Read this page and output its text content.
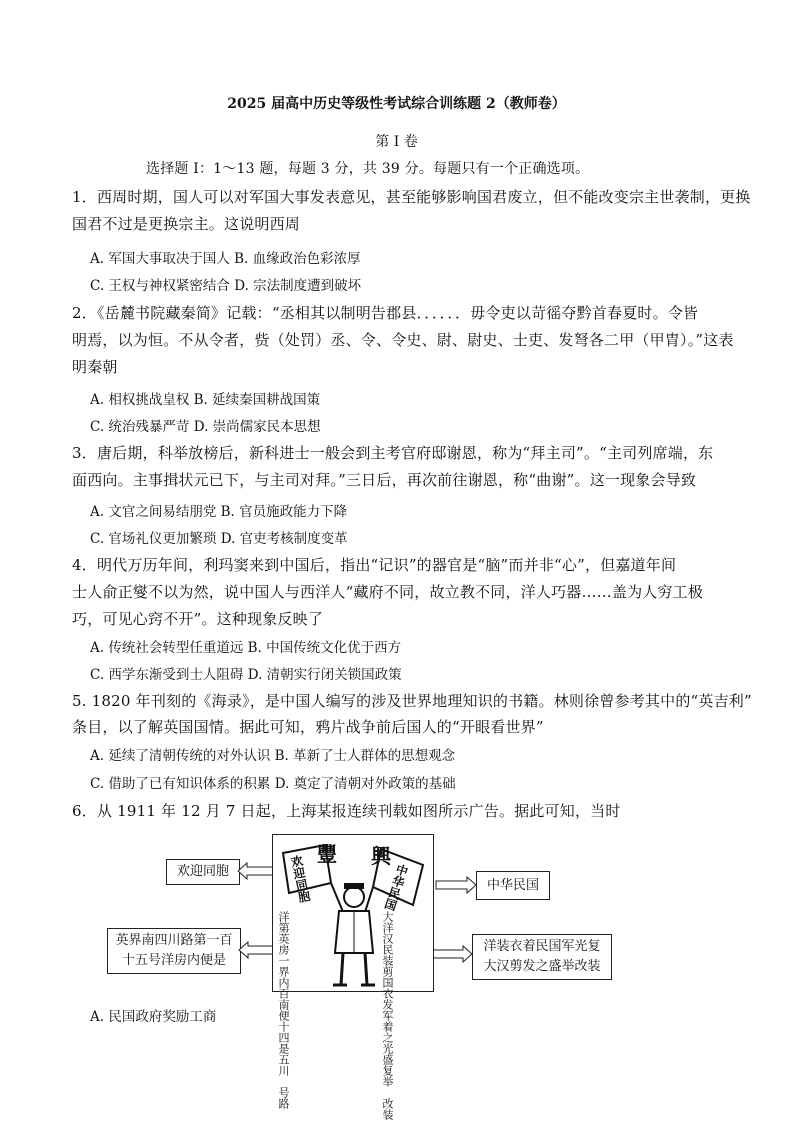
2025 届高中历史等级性考试综合训练题 2（教师卷）
第 I 卷
选择题 I：1～13 题，每题 3 分，共 39 分。每题只有一个正确选项。
1．西周时期，国人可以对军国大事发表意见，甚至能够影响国君废立，但不能改变宗主世袭制，更换
国君不过是更换宗主。这说明西周
A. 军国大事取决于国人 B. 血缘政治色彩浓厚
C. 王权与神权紧密结合 D. 宗法制度遭到破坏
2．《岳麓书院藏秦简》记载：“丞相其以制明告郡县．．．．．．毋令吏以苛徭夺黔首春夏时。令皆
明焉，以为恒。不从令者，赀（处罚）丞、令、令史、尉、尉史、士吏、发弩各二甲（甲胄）。”这表
明秦朝
A. 相权挑战皇权 B. 延续秦国耕战国策
C. 统治残暴严苛 D. 崇尚儒家民本思想
3．唐后期，科举放榜后，新科进士一般会到主考官府邸谢恩，称为“拜主司”。“主司列席端，东
面西向。主事揖状元已下，与主司对拜。”三日后，再次前往谢恩，称“曲谢”。这一现象会导致
A. 文官之间易结朋党 B. 官员施政能力下降
C. 官场礼仪更加繁琐 D. 官吏考核制度变革
4．明代万历年间，利玛窦来到中国后，指出“记识”的器官是“脑”而并非“心”，但嘉道年间
士人俞正燮不以为然，说中国人与西洋人“藏府不同，故立教不同，洋人巧器……盖为人穷工极
巧，可见心窍不开”。这种现象反映了
A. 传统社会转型任重道远 B. 中国传统文化优于西方
C. 西学东渐受到士人阻碍 D. 清朝实行闭关锁国政策
5. 1820 年刊刻的《海录》，是中国人编写的涉及世界地理知识的书籍。林则徐曾参考其中的“英吉利”
条目，以了解英国国情。据此可知，鸦片战争前后国人的“开眼看世界”
A. 延续了清朝传统的对外认识 B. 革新了士人群体的思想观念
C. 借助了已有知识体系的积累 D. 奠定了清朝对外政策的基础
6．从 1911 年 12 月 7 日起，上海某报连续刊载如图所示广告。据此可知，当时
A. 民国政府奖励工商
欢迎同胞
中华民国
英界南四川路第一百
十五号洋房内便是
洋装衣着民国军光复
大汉剪发之盛举改装
豐 興
欢迎同胞
中华民国
洋第英房一界内百南便十四是五川　号路
大洋汉民装剪国衣发军着之光盛复举　改装
